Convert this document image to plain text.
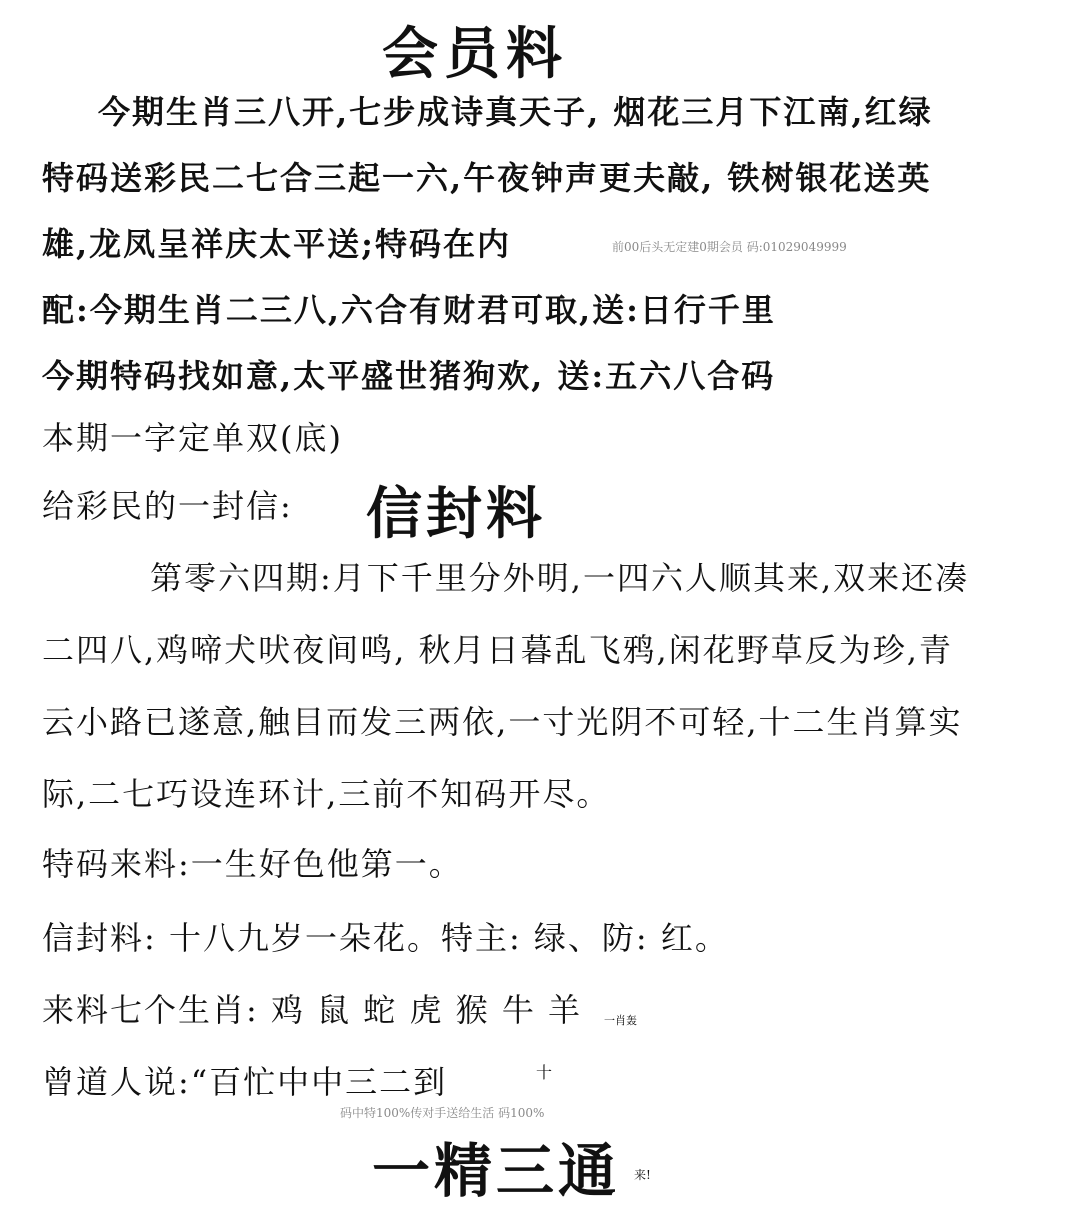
会员料
今期生肖三八开,七步成诗真天子, 烟花三月下江南,红绿
特码送彩民二七合三起一六,午夜钟声更夫敲, 铁树银花送英
雄,龙凤呈祥庆太平送;特码在内	前00后头无定建0期会员 码:01029049999
配:今期生肖二三八,六合有财君可取,送:日行千里
今期特码找如意,太平盛世猪狗欢, 送:五六八合码
本期一字定单双(底)
给彩民的一封信: 信封料
第零六四期:月下千里分外明,一四六人顺其来,双来还凑
二四八,鸡啼犬吠夜间鸣, 秋月日暮乱飞鸦,闲花野草反为珍,青
云小路已遂意,触目而发三两依,一寸光阴不可轻,十二生肖算实
际,二七巧设连环计,三前不知码开尽。
特码来料:一生好色他第一。
信封料: 十八九岁一朵花。特主: 绿、防: 红。
来料七个生肖: 鸡 鼠 蛇 虎 猴 牛 羊 一肖轰
曾道人说:“百忙中中三二到	十
码中特100%传对手送给生活 码100%
一精三通 来!
